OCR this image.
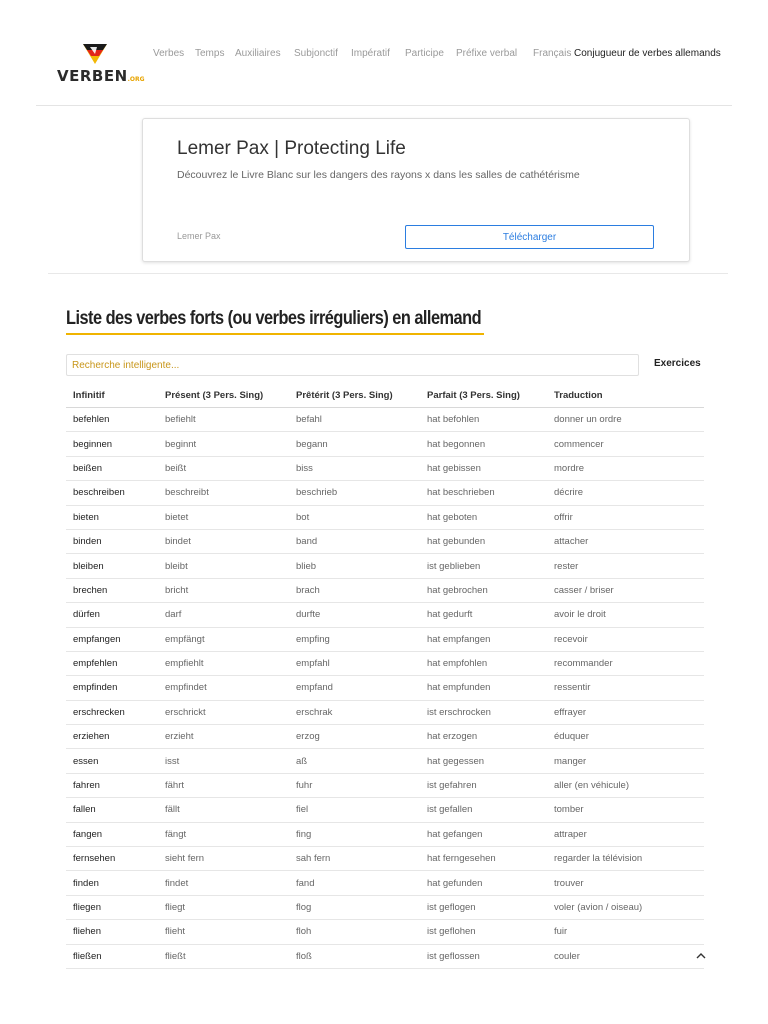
VERBEN.ORG
Verbes Temps Auxiliaires Subjonctif Impératif Participe Préfixe verbal Français Conjugueur de verbes allemands
Lemer Pax | Protecting Life
Découvrez le Livre Blanc sur les dangers des rayons x dans les salles de cathétérisme
Lemer Pax	Télécharger
Liste des verbes forts (ou verbes irréguliers) en allemand
Recherche intelligente...
Exercices
Infinitif	Présent (3 Pers. Sing)	Prêtérit (3 Pers. Sing)	Parfait (3 Pers. Sing)	Traduction
befehlen	befiehlt	befahl	hat befohlen	donner un ordre
beginnen	beginnt	begann	hat begonnen	commencer
beißen	beißt	biss	hat gebissen	mordre
beschreiben	beschreibt	beschrieb	hat beschrieben	décrire
bieten	bietet	bot	hat geboten	offrir
binden	bindet	band	hat gebunden	attacher
bleiben	bleibt	blieb	ist geblieben	rester
brechen	bricht	brach	hat gebrochen	casser / briser
dürfen	darf	durfte	hat gedurft	avoir le droit
empfangen	empfängt	empfing	hat empfangen	recevoir
empfehlen	empfiehlt	empfahl	hat empfohlen	recommander
empfinden	empfindet	empfand	hat empfunden	ressentir
erschrecken	erschrickt	erschrak	ist erschrocken	effrayer
erziehen	erzieht	erzog	hat erzogen	éduquer
essen	isst	aß	hat gegessen	manger
fahren	fährt	fuhr	ist gefahren	aller (en véhicule)
fallen	fällt	fiel	ist gefallen	tomber
fangen	fängt	fing	hat gefangen	attraper
fernsehen	sieht fern	sah fern	hat ferngesehen	regarder la télévision
finden	findet	fand	hat gefunden	trouver
fliegen	fliegt	flog	ist geflogen	voler (avion / oiseau)
fliehen	flieht	floh	ist geflohen	fuir
fließen	fließt	floß	ist geflossen	couler
